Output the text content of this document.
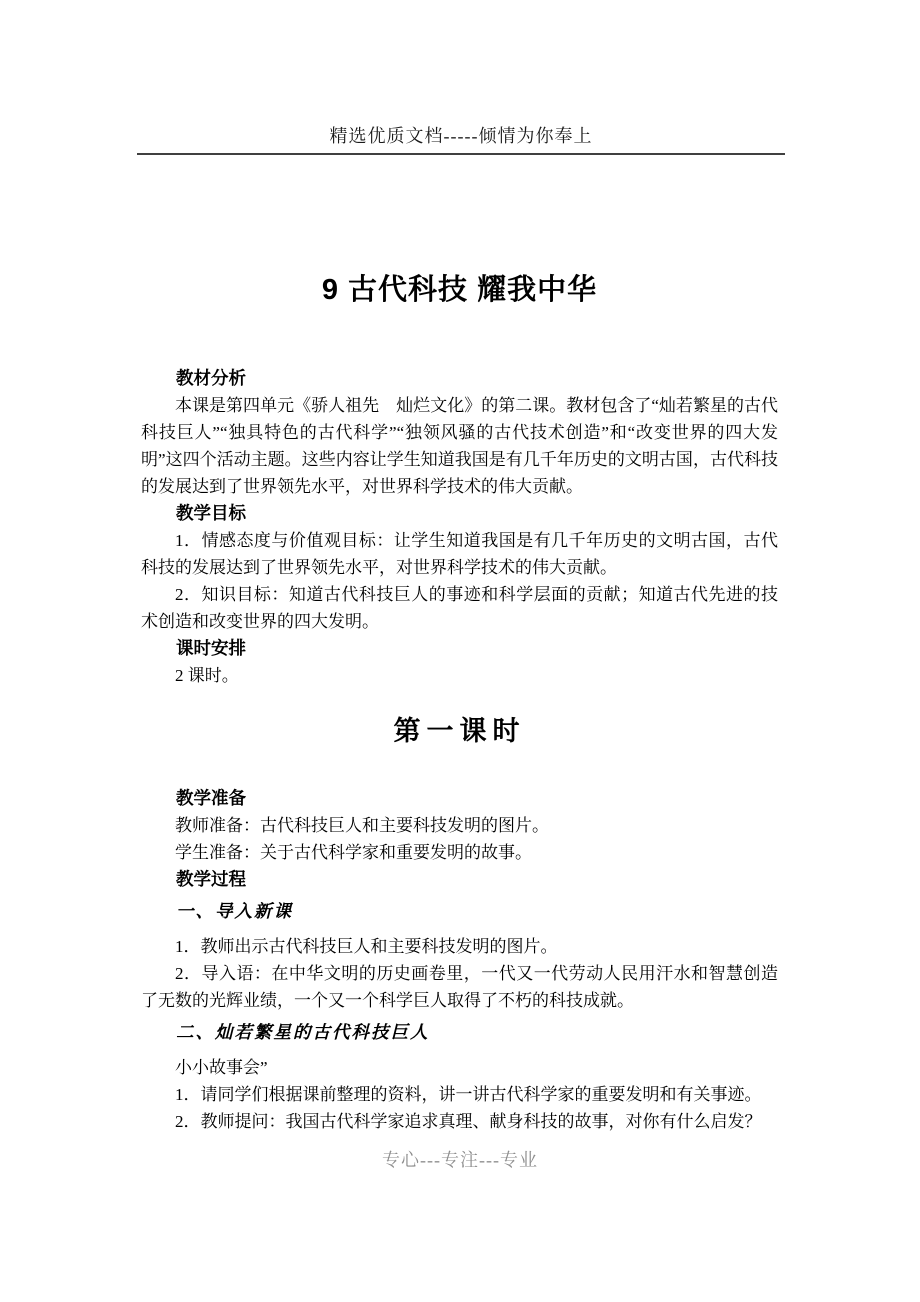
精选优质文档-----倾情为你奉上
9 古代科技 耀我中华

教材分析

本课是第四单元《骄人祖先　灿烂文化》的第二课。教材包含了“灿若繁星的古代科技巨人”“独具特色的古代科学”“独领风骚的古代技术创造”和“改变世界的四大发明”这四个活动主题。这些内容让学生知道我国是有几千年历史的文明古国，古代科技的发展达到了世界领先水平，对世界科学技术的伟大贡献。

教学目标

1．情感态度与价值观目标：让学生知道我国是有几千年历史的文明古国，古代科技的发展达到了世界领先水平，对世界科学技术的伟大贡献。

2．知识目标：知道古代科技巨人的事迹和科学层面的贡献；知道古代先进的技术创造和改变世界的四大发明。

课时安排

2 课时。

第一课时

教学准备

教师准备：古代科技巨人和主要科技发明的图片。

学生准备：关于古代科学家和重要发明的故事。

教学过程

一、导入新课

1．教师出示古代科技巨人和主要科技发明的图片。

2．导入语：在中华文明的历史画卷里，一代又一代劳动人民用汗水和智慧创造了无数的光辉业绩，一个又一个科学巨人取得了不朽的科技成就。

二、灿若繁星的古代科技巨人

小小故事会”

1．请同学们根据课前整理的资料，讲一讲古代科学家的重要发明和有关事迹。

2．教师提问：我国古代科学家追求真理、献身科技的故事，对你有什么启发？

专心---专注---专业
